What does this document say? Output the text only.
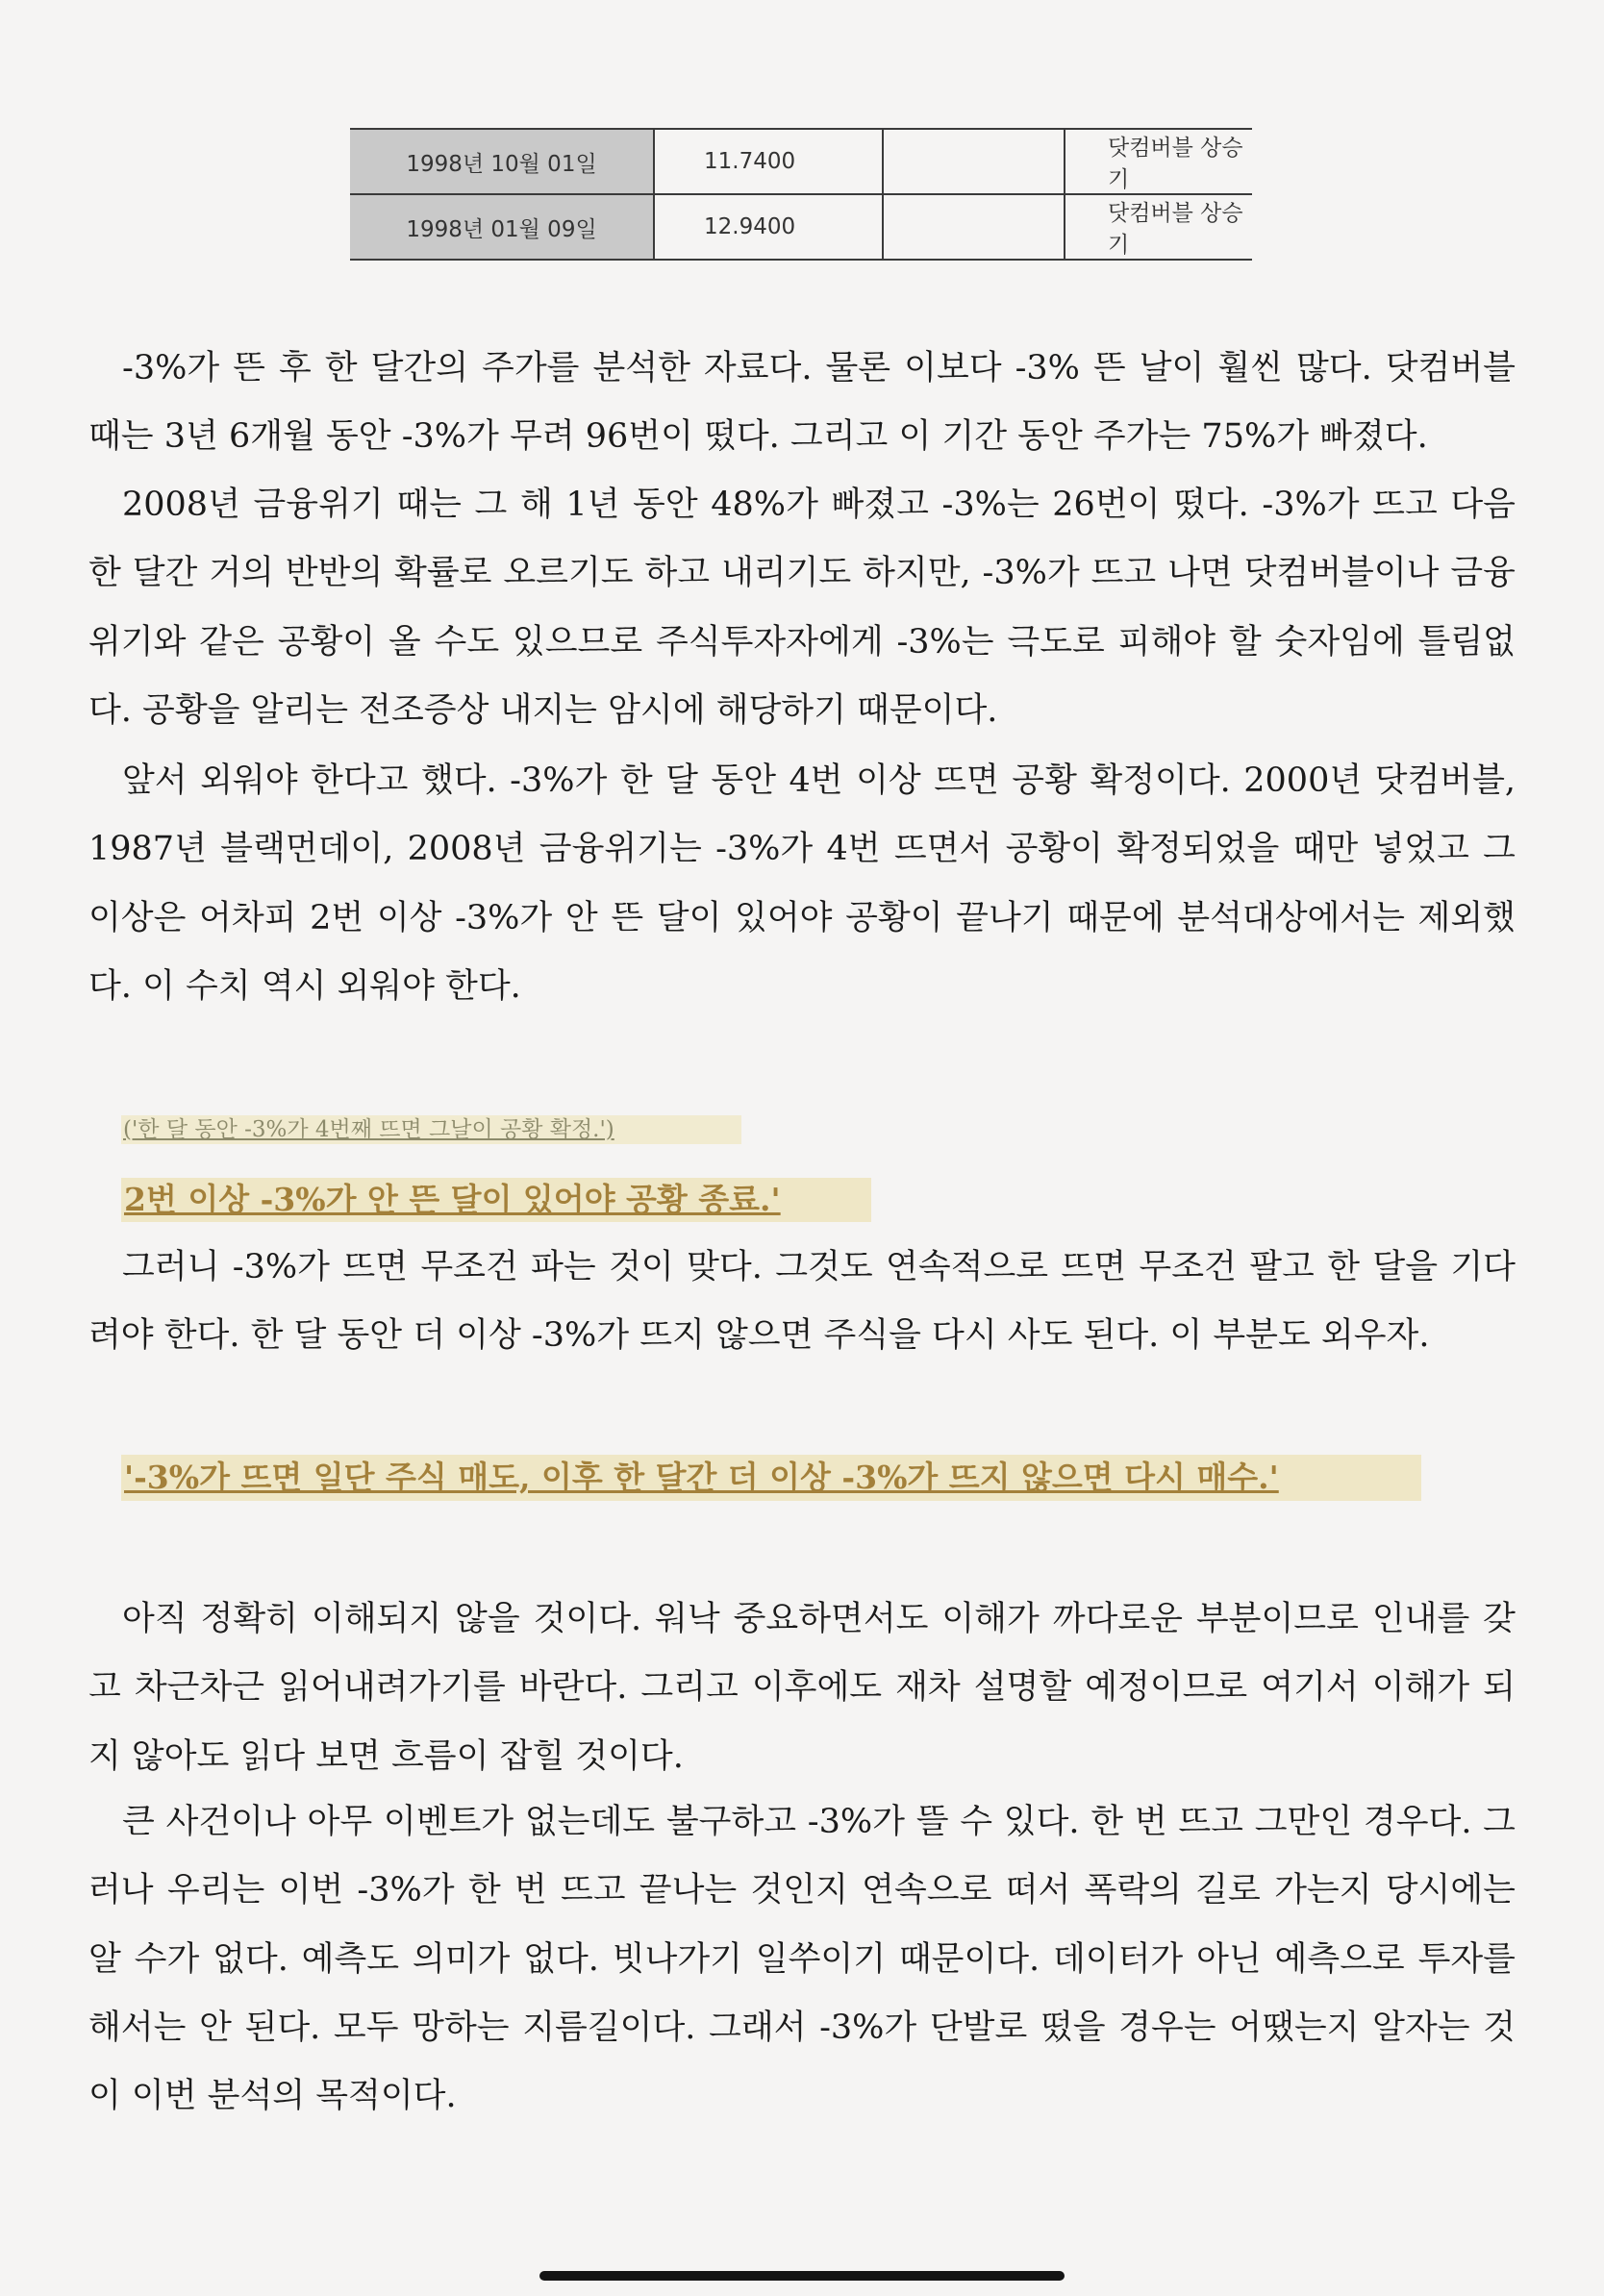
1998년 10월 01일	11.7400		닷컴버블 상승기
1998년 01월 09일	12.9400		닷컴버블 상승기

-3%가 뜬 후 한 달간의 주가를 분석한 자료다. 물론 이보다 -3% 뜬 날이 훨씬 많다. 닷컴버블 때는 3년 6개월 동안 -3%가 무려 96번이 떴다. 그리고 이 기간 동안 주가는 75%가 빠졌다.

2008년 금융위기 때는 그 해 1년 동안 48%가 빠졌고 -3%는 26번이 떴다. -3%가 뜨고 다음 한 달간 거의 반반의 확률로 오르기도 하고 내리기도 하지만, -3%가 뜨고 나면 닷컴버블이나 금융위기와 같은 공황이 올 수도 있으므로 주식투자자에게 -3%는 극도로 피해야 할 숫자임에 틀림없다. 공황을 알리는 전조증상 내지는 암시에 해당하기 때문이다.

앞서 외워야 한다고 했다. -3%가 한 달 동안 4번 이상 뜨면 공황 확정이다. 2000년 닷컴버블, 1987년 블랙먼데이, 2008년 금융위기는 -3%가 4번 뜨면서 공황이 확정되었을 때만 넣었고 그 이상은 어차피 2번 이상 -3%가 안 뜬 달이 있어야 공황이 끝나기 때문에 분석대상에서는 제외했다. 이 수치 역시 외워야 한다.

('한 달 동안 -3%가 4번째 뜨면 그날이 공황 확정.')
2번 이상 -3%가 안 뜬 달이 있어야 공황 종료.'

그러니 -3%가 뜨면 무조건 파는 것이 맞다. 그것도 연속적으로 뜨면 무조건 팔고 한 달을 기다려야 한다. 한 달 동안 더 이상 -3%가 뜨지 않으면 주식을 다시 사도 된다. 이 부분도 외우자.

'-3%가 뜨면 일단 주식 매도, 이후 한 달간 더 이상 -3%가 뜨지 않으면 다시 매수.'

아직 정확히 이해되지 않을 것이다. 워낙 중요하면서도 이해가 까다로운 부분이므로 인내를 갖고 차근차근 읽어내려가기를 바란다. 그리고 이후에도 재차 설명할 예정이므로 여기서 이해가 되지 않아도 읽다 보면 흐름이 잡힐 것이다.

큰 사건이나 아무 이벤트가 없는데도 불구하고 -3%가 뜰 수 있다. 한 번 뜨고 그만인 경우다. 그러나 우리는 이번 -3%가 한 번 뜨고 끝나는 것인지 연속으로 떠서 폭락의 길로 가는지 당시에는 알 수가 없다. 예측도 의미가 없다. 빗나가기 일쑤이기 때문이다. 데이터가 아닌 예측으로 투자를 해서는 안 된다. 모두 망하는 지름길이다. 그래서 -3%가 단발로 떴을 경우는 어땠는지 알자는 것이 이번 분석의 목적이다.
